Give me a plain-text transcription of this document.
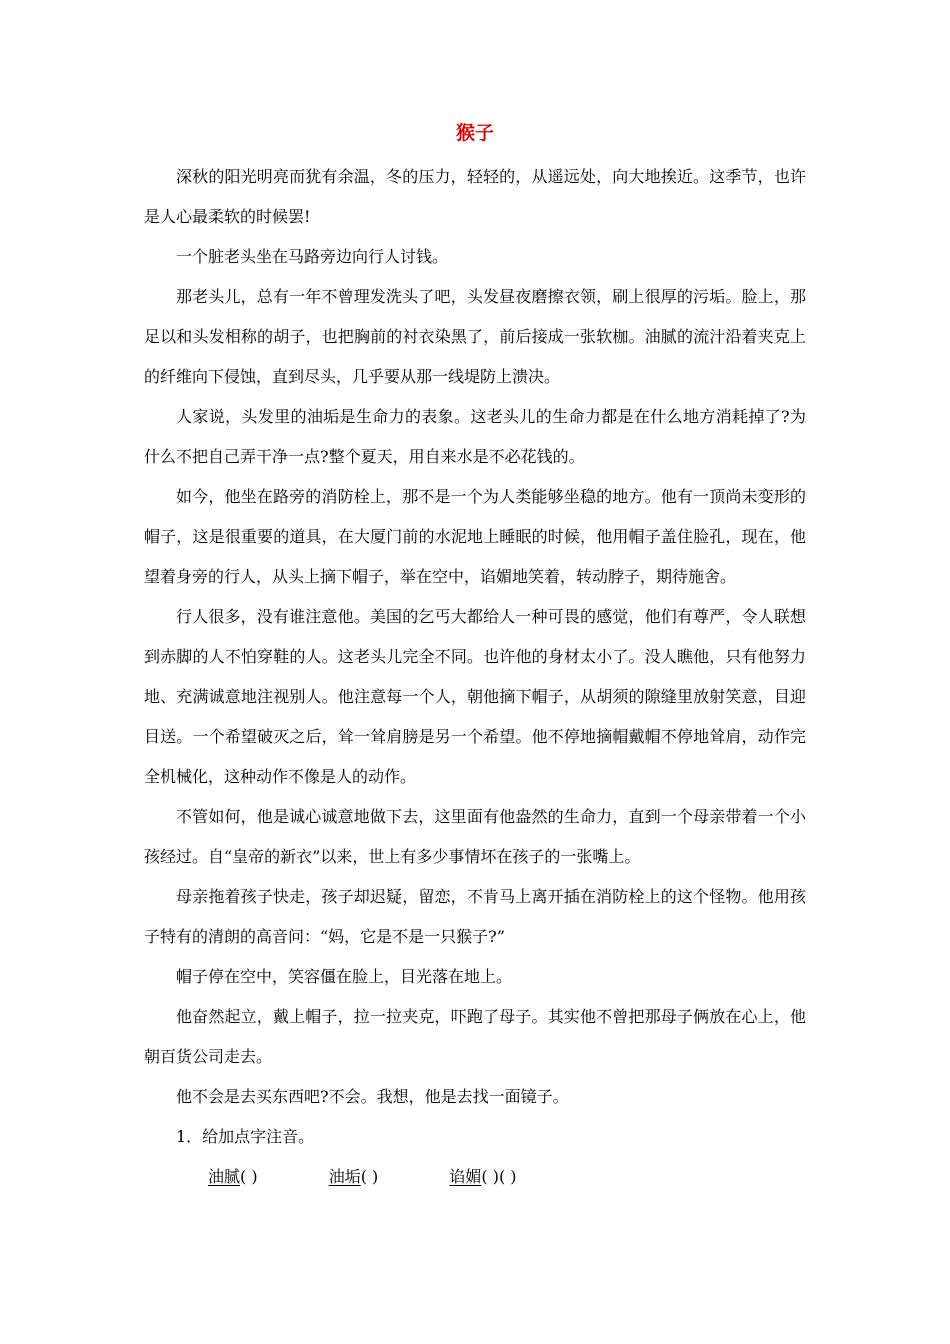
猴子

深秋的阳光明亮而犹有余温，冬的压力，轻轻的，从遥远处，向大地挨近。这季节，也许是人心最柔软的时候罢!

一个脏老头坐在马路旁边向行人讨钱。

那老头儿，总有一年不曾理发洗头了吧，头发昼夜磨擦衣领，刷上很厚的污垢。脸上，那足以和头发相称的胡子，也把胸前的衬衣染黑了，前后接成一张软枷。油腻的流汁沿着夹克上的纤维向下侵蚀，直到尽头，几乎要从那一线堤防上溃决。

人家说，头发里的油垢是生命力的表象。这老头儿的生命力都是在什么地方消耗掉了?为什么不把自己弄干净一点?整个夏天，用自来水是不必花钱的。

如今，他坐在路旁的消防栓上，那不是一个为人类能够坐稳的地方。他有一顶尚未变形的帽子，这是很重要的道具，在大厦门前的水泥地上睡眠的时候，他用帽子盖住脸孔，现在，他望着身旁的行人，从头上摘下帽子，举在空中，谄媚地笑着，转动脖子，期待施舍。

行人很多，没有谁注意他。美国的乞丐大都给人一种可畏的感觉，他们有尊严，令人联想到赤脚的人不怕穿鞋的人。这老头儿完全不同。也许他的身材太小了。没人瞧他，只有他努力地、充满诚意地注视别人。他注意每一个人，朝他摘下帽子，从胡须的隙缝里放射笑意，目迎目送。一个希望破灭之后，耸一耸肩膀是另一个希望。他不停地摘帽戴帽不停地耸肩，动作完全机械化，这种动作不像是人的动作。

不管如何，他是诚心诚意地做下去，这里面有他盎然的生命力，直到一个母亲带着一个小孩经过。自“皇帝的新衣”以来，世上有多少事情坏在孩子的一张嘴上。

母亲拖着孩子快走，孩子却迟疑，留恋，不肯马上离开插在消防栓上的这个怪物。他用孩子特有的清朗的高音问：“妈，它是不是一只猴子?”

帽子停在空中，笑容僵在脸上，目光落在地上。

他奋然起立，戴上帽子，拉一拉夹克，吓跑了母子。其实他不曾把那母子俩放在心上，他朝百货公司走去。

他不会是去买东西吧?不会。我想，他是去找一面镜子。

1．给加点字注音。

油腻( )	油垢( )	谄媚( )( )
